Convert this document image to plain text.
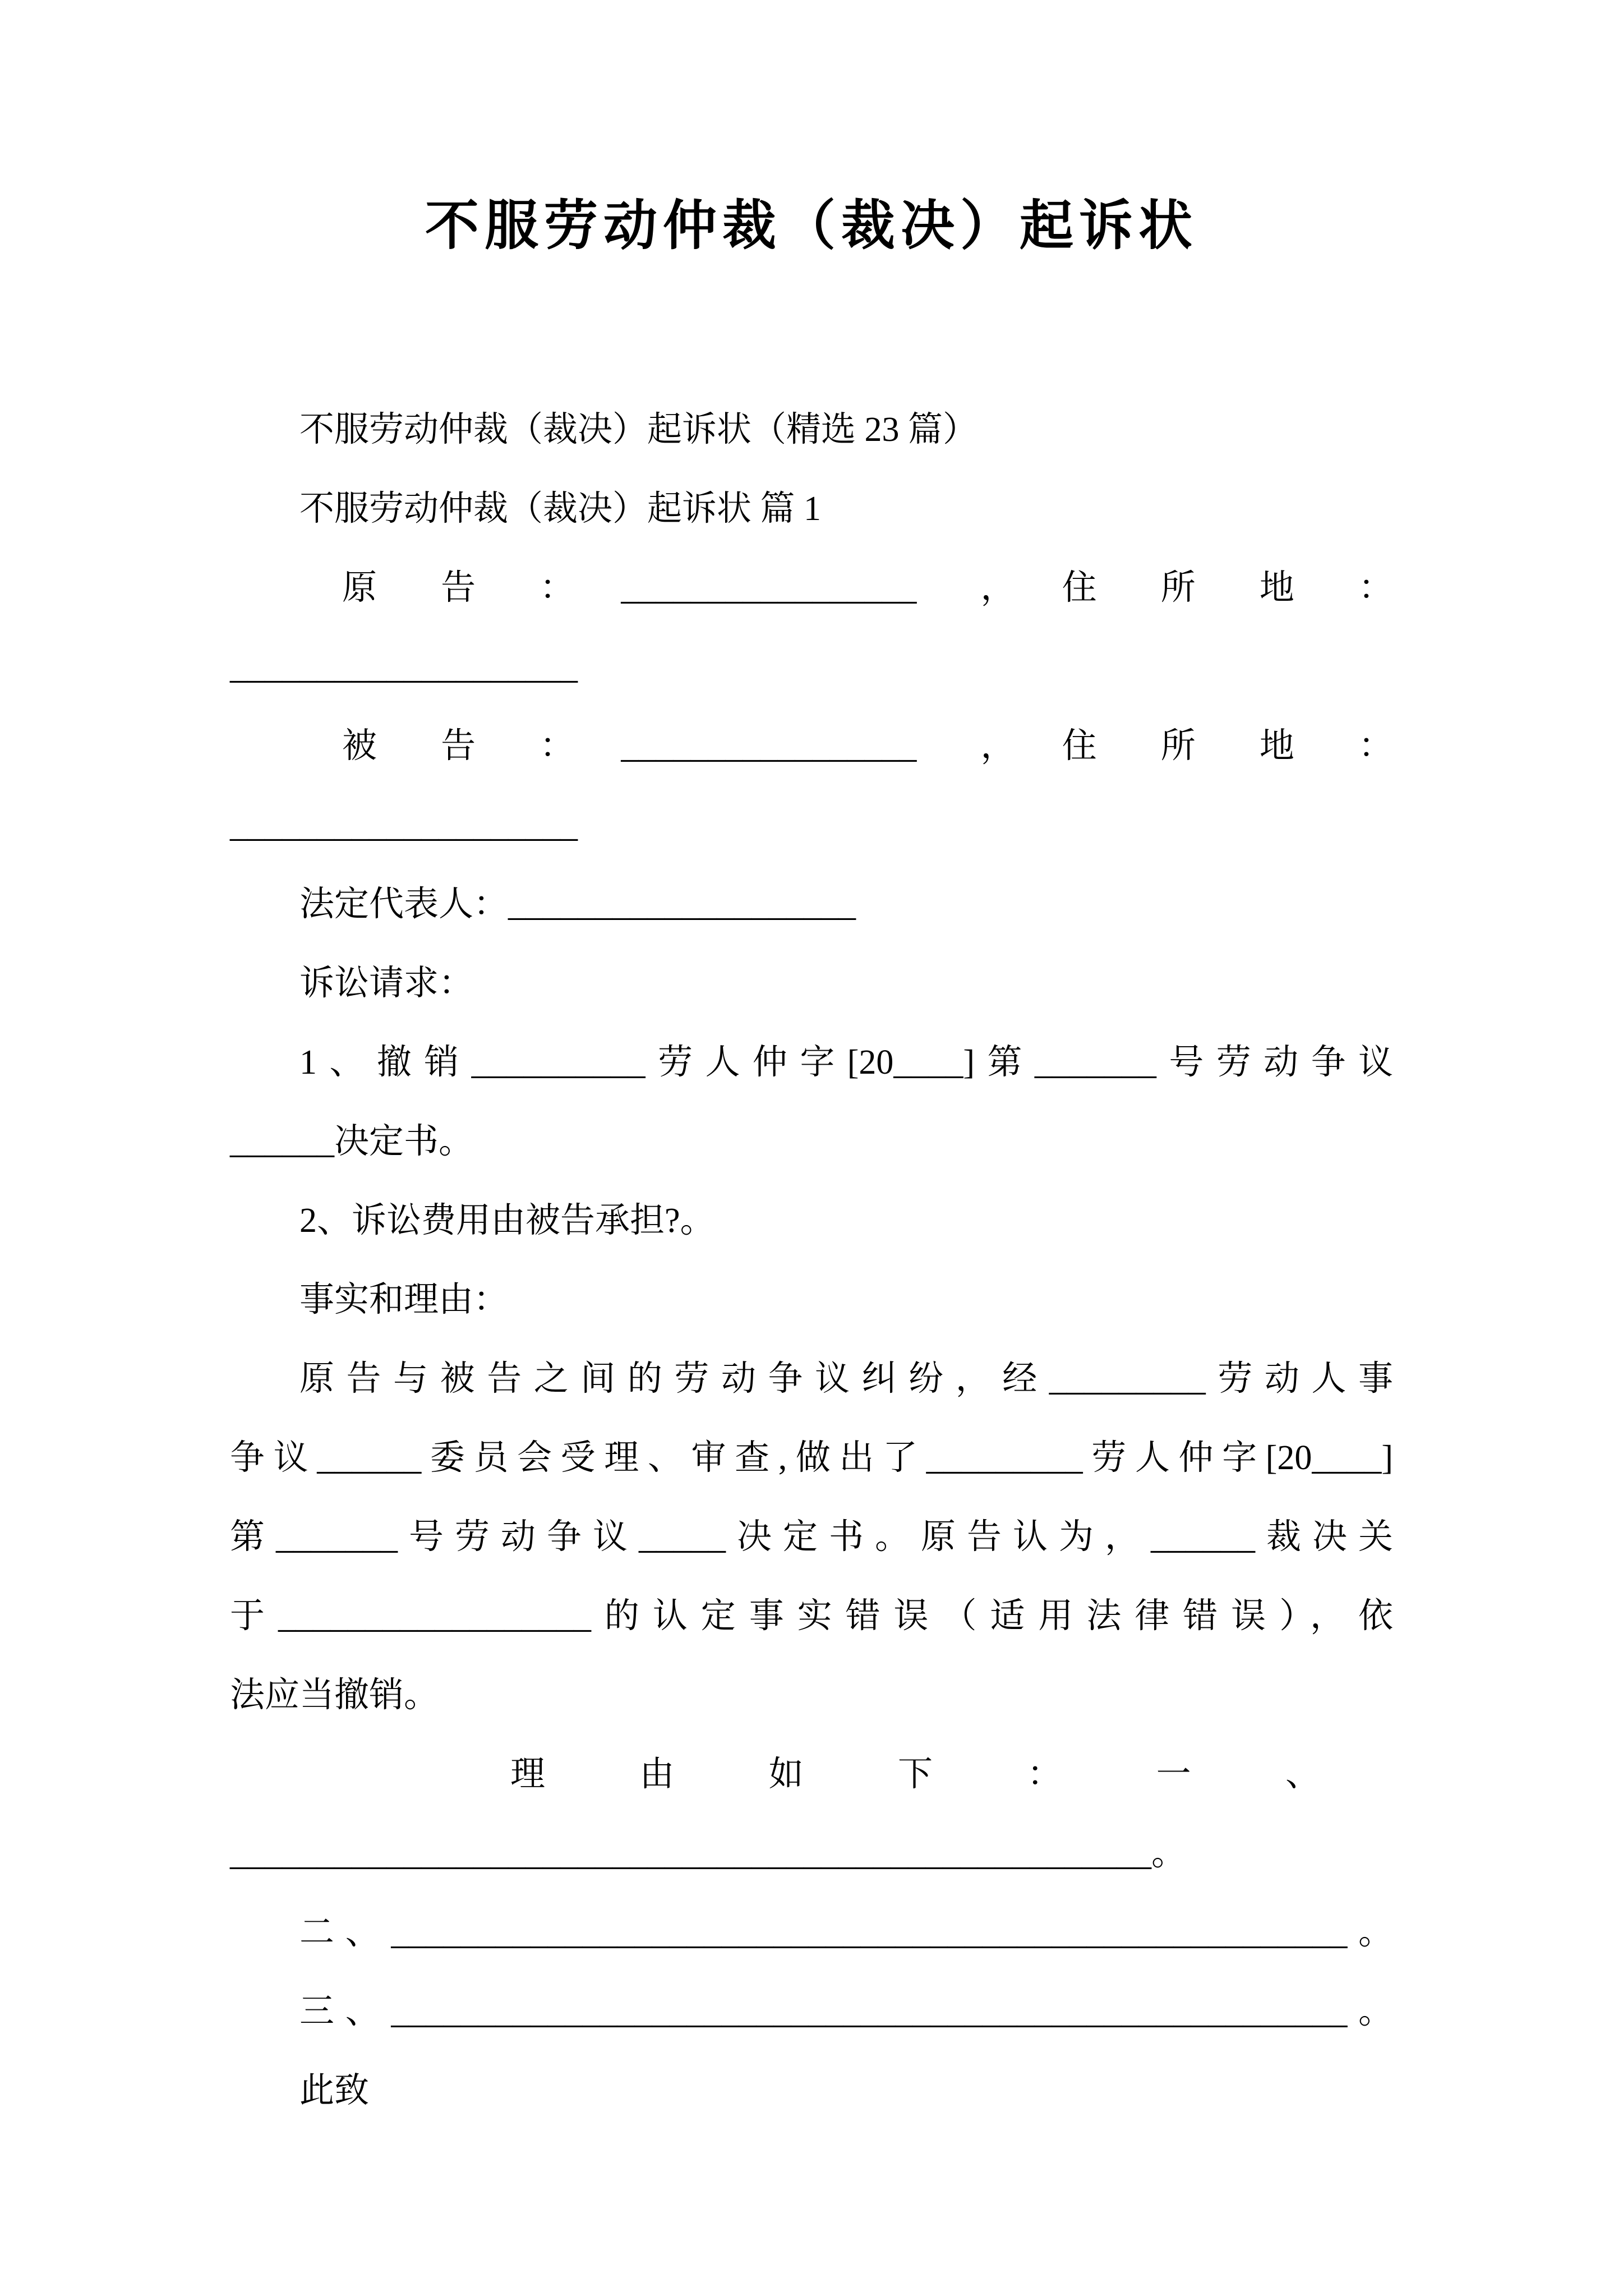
不服劳动仲裁（裁决）起诉状
不服劳动仲裁（裁决）起诉状（精选 23 篇）
不服劳动仲裁（裁决）起诉状 篇 1
原　告　：　_________________　，　住　所　地　：
____________________
被　告　：　_________________　，　住　所　地　：
____________________
法定代表人：____________________
诉讼请求：
1、撤销__________劳人仲字[20____]第_______号劳动争议
______决定书。
2、诉讼费用由被告承担?。
事实和理由：
原告与被告之间的劳动争议纠纷，经_________劳动人事
争议______委员会受理、审查,做出了_________劳人仲字[20____]
第_______号劳动争议_____决定书。原告认为，______裁决关
于__________________的认定事实错误（适用法律错误），依
法应当撤销。
理由如下：一、
_____________________________________________________。
二、_______________________________________________________。
三、_______________________________________________________。
此致
